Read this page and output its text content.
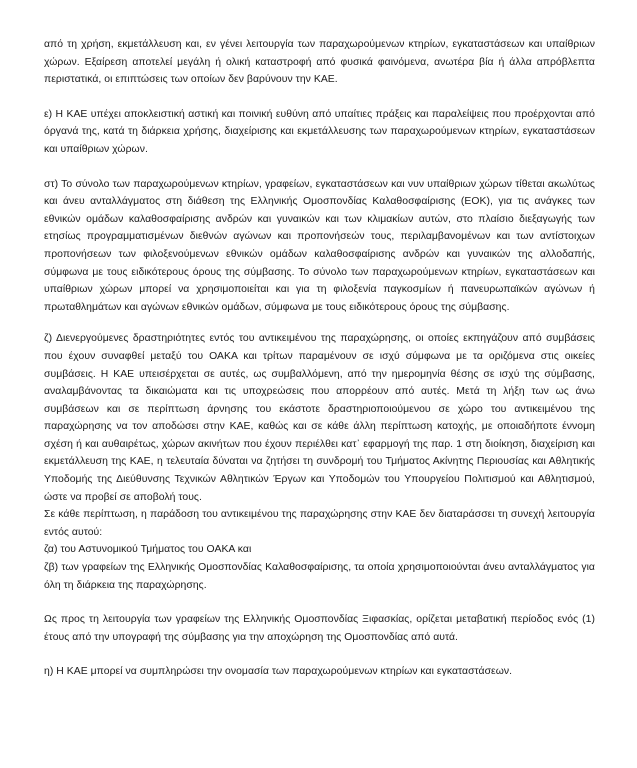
από τη χρήση, εκμετάλλευση και, εν γένει λειτουργία των παραχωρούμενων κτηρίων, εγκαταστάσεων και υπαίθριων χώρων. Εξαίρεση αποτελεί μεγάλη ή ολική καταστροφή από φυσικά φαινόμενα, ανωτέρα βία ή άλλα απρόβλεπτα περιστατικά, οι επιπτώσεις των οποίων δεν βαρύνουν την ΚΑΕ.

ε) Η ΚΑΕ υπέχει αποκλειστική αστική και ποινική ευθύνη από υπαίτιες πράξεις και παραλείψεις που προέρχονται από όργανά της, κατά τη διάρκεια χρήσης, διαχείρισης και εκμετάλλευσης των παραχωρούμενων κτηρίων, εγκαταστάσεων και υπαίθριων χώρων.

στ) Το σύνολο των παραχωρούμενων κτηρίων, γραφείων, εγκαταστάσεων και νυν υπαίθριων χώρων τίθεται ακωλύτως και άνευ ανταλλάγματος στη διάθεση της Ελληνικής Ομοσπονδίας Καλαθοσφαίρισης (ΕΟΚ), για τις ανάγκες των εθνικών ομάδων καλαθοσφαίρισης ανδρών και γυναικών και των κλιμακίων αυτών, στο πλαίσιο διεξαγωγής των ετησίως προγραμματισμένων διεθνών αγώνων και προπονήσεών τους, περιλαμβανομένων και των αντίστοιχων προπονήσεων των φιλοξενούμενων εθνικών ομάδων καλαθοσφαίρισης ανδρών και γυναικών της αλλοδαπής, σύμφωνα με τους ειδικότερους όρους της σύμβασης. Το σύνολο των παραχωρούμενων κτηρίων, εγκαταστάσεων και υπαίθριων χώρων μπορεί να χρησιμοποιείται και για τη φιλοξενία παγκοσμίων ή πανευρωπαϊκών αγώνων ή πρωταθλημάτων και αγώνων εθνικών ομάδων, σύμφωνα με τους ειδικότερους όρους της σύμβασης.

ζ) Διενεργούμενες δραστηριότητες εντός του αντικειμένου της παραχώρησης, οι οποίες εκπηγάζουν από συμβάσεις που έχουν συναφθεί μεταξύ του ΟΑΚΑ και τρίτων παραμένουν σε ισχύ σύμφωνα με τα οριζόμενα στις οικείες συμβάσεις. Η ΚΑΕ υπεισέρχεται σε αυτές, ως συμβαλλόμενη, από την ημερομηνία θέσης σε ισχύ της σύμβασης, αναλαμβάνοντας τα δικαιώματα και τις υποχρεώσεις που απορρέουν από αυτές. Μετά τη λήξη των ως άνω συμβάσεων και σε περίπτωση άρνησης του εκάστοτε δραστηριοποιούμενου σε χώρο του αντικειμένου της παραχώρησης να τον αποδώσει στην ΚΑΕ, καθώς και σε κάθε άλλη περίπτωση κατοχής, με οποιαδήποτε έννομη σχέση ή και αυθαιρέτως, χώρων ακινήτων που έχουν περιέλθει κατ᾽ εφαρμογή της παρ. 1 στη διοίκηση, διαχείριση και εκμετάλλευση της ΚΑΕ, η τελευταία δύναται να ζητήσει τη συνδρομή του Τμήματος Ακίνητης Περιουσίας και Αθλητικής Υποδομής της Διεύθυνσης Τεχνικών Αθλητικών Έργων και Υποδομών του Υπουργείου Πολιτισμού και Αθλητισμού, ώστε να προβεί σε αποβολή τους.

Σε κάθε περίπτωση, η παράδοση του αντικειμένου της παραχώρησης στην ΚΑΕ δεν διαταράσσει τη συνεχή λειτουργία εντός αυτού:

ζα) του Αστυνομικού Τμήματος του ΟΑΚΑ και

ζβ) των γραφείων της Ελληνικής Ομοσπονδίας Καλαθοσφαίρισης, τα οποία χρησιμοποιούνται άνευ ανταλλάγματος για όλη τη διάρκεια της παραχώρησης.

Ως προς τη λειτουργία των γραφείων της Ελληνικής Ομοσπονδίας Ξιφασκίας, ορίζεται μεταβατική περίοδος ενός (1) έτους από την υπογραφή της σύμβασης για την αποχώρηση της Ομοσπονδίας από αυτά.

η) Η ΚΑΕ μπορεί να συμπληρώσει την ονομασία των παραχωρούμενων κτηρίων και εγκαταστάσεων.
